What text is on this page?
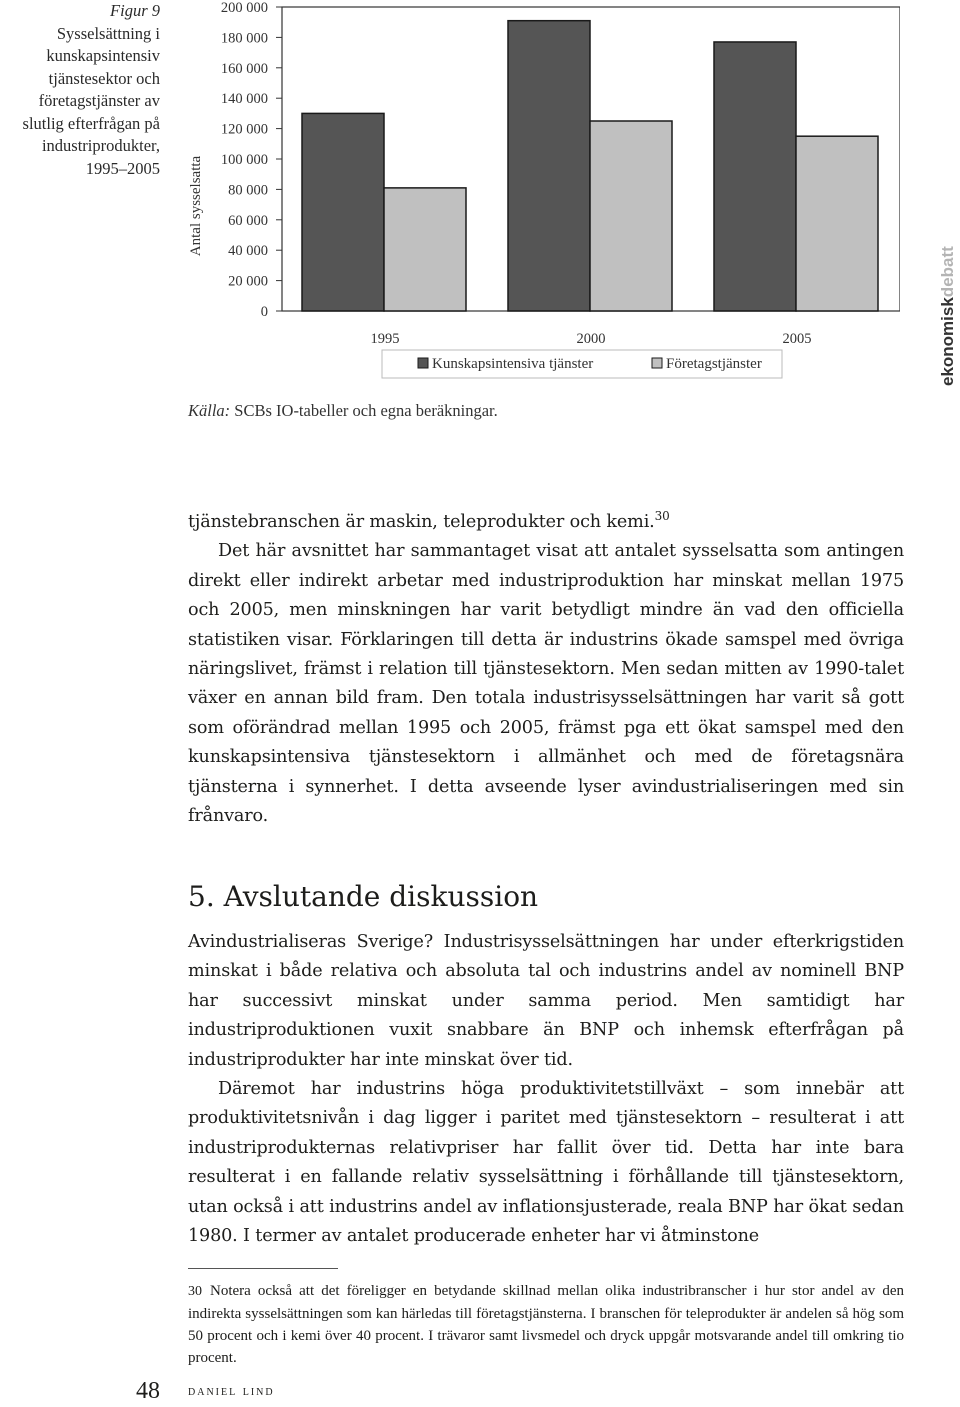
Figur 9
Sysselsättning i
kunskapsintensiv
tjänstesektor och
företagstjänster av
slutlig efterfrågan på
industriprodukter,
1995–2005
200 000
180 000
160 000
140 000
120 000
100 000
80 000
60 000
40 000
20 000
0
Antal sysselsatta
1995	2000	2005
Kunskapsintensiva tjänster	Företagstjänster	ekonomiskdebatt
Källa: SCBs IO-tabeller och egna beräkningar.

tjänstebranschen är maskin, teleprodukter och kemi.$^{30}$

Det här avsnittet har sammantaget visat att antalet sysselsatta som antingen direkt eller indirekt arbetar med industriproduktion har minskat mellan 1975 och 2005, men minskningen har varit betydligt mindre än vad den officiella statistiken visar. Förklaringen till detta är industrins ökade samspel med övriga näringslivet, främst i relation till tjänstesektorn. Men sedan mitten av 1990-talet växer en annan bild fram. Den totala industrisysselsättningen har varit så gott som oförändrad mellan 1995 och 2005, främst pga ett ökat samspel med den kunskapsintensiva tjänstesektorn i allmänhet och med de företagsnära tjänsterna i synnerhet. I detta avseende lyser avindustrialiseringen med sin frånvaro.

5. Avslutande diskussion

Avindustrialiseras Sverige? Industrisysselsättningen har under efterkrigstiden minskat i både relativa och absoluta tal och industrins andel av nominell BNP har successivt minskat under samma period. Men samtidigt har industriproduktionen vuxit snabbare än BNP och inhemsk efterfrågan på industriprodukter har inte minskat över tid.

Däremot har industrins höga produktivitetstillväxt – som innebär att produktivitetsnivån i dag ligger i paritet med tjänstesektorn – resulterat i att industriprodukternas relativpriser har fallit över tid. Detta har inte bara resulterat i en fallande relativ sysselsättning i förhållande till tjänstesektorn, utan också i att industrins andel av inflationsjusterade, reala BNP har ökat sedan 1980. I termer av antalet producerade enheter har vi åtminstone

30 Notera också att det föreligger en betydande skillnad mellan olika industribranscher i hur stor andel av den indirekta sysselsättningen som kan härledas till företagstjänsterna. I branschen för teleprodukter är andelen så hög som 50 procent och i kemi över 40 procent. I trävaror samt livsmedel och dryck uppgår motsvarande andel till omkring tio procent.
48 daniel lind
